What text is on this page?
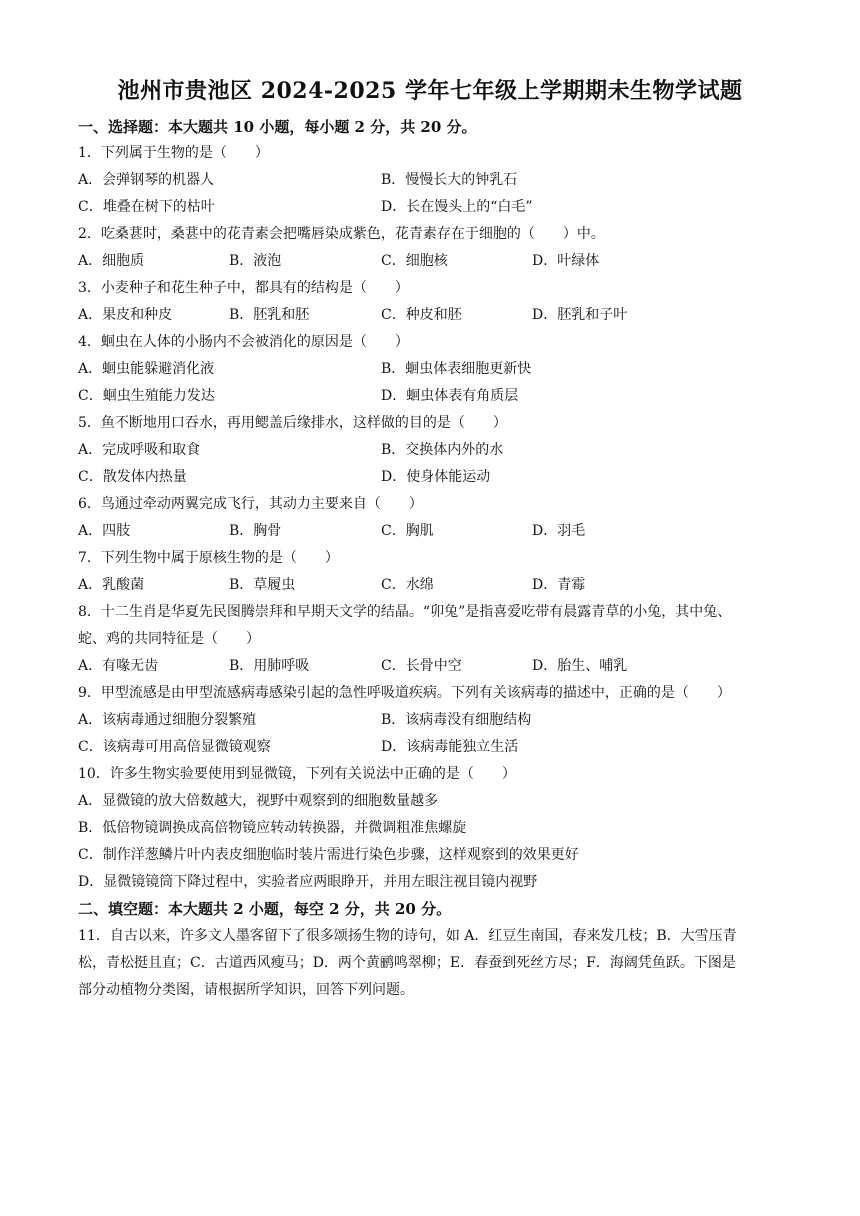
池州市贵池区 2024-2025 学年七年级上学期期未生物学试题
一、选择题：本大题共 10 小题，每小题 2 分，共 20 分。
1．下列属于生物的是（　　）
A．会弹钢琴的机器人	B．慢慢长大的钟乳石
C．堆叠在树下的枯叶	D．长在馒头上的“白毛”
2．吃桑葚时，桑葚中的花青素会把嘴唇染成紫色，花青素存在于细胞的（　　）中。
A．细胞质	B．液泡	C．细胞核	D．叶绿体
3．小麦种子和花生种子中，都具有的结构是（　　）
A．果皮和种皮	B．胚乳和胚	C．种皮和胚	D．胚乳和子叶
4．蛔虫在人体的小肠内不会被消化的原因是（　　）
A．蛔虫能躲避消化液	B．蛔虫体表细胞更新快
C．蛔虫生殖能力发达	D．蛔虫体表有角质层
5．鱼不断地用口吞水，再用鳃盖后缘排水，这样做的目的是（　　）
A．完成呼吸和取食	B．交换体内外的水
C．散发体内热量	D．使身体能运动
6．鸟通过牵动两翼完成飞行，其动力主要来自（　　）
A．四肢	B．胸骨	C．胸肌	D．羽毛
7．下列生物中属于原核生物的是（　　）
A．乳酸菌	B．草履虫	C．水绵	D．青霉
8．十二生肖是华夏先民图腾崇拜和早期天文学的结晶。“卯兔”是指喜爱吃带有晨露青草的小兔，其中兔、
蛇、鸡的共同特征是（　　）
A．有喙无齿	B．用肺呼吸	C．长骨中空	D．胎生、哺乳
9．甲型流感是由甲型流感病毒感染引起的急性呼吸道疾病。下列有关该病毒的描述中，正确的是（　　）
A．该病毒通过细胞分裂繁殖	B．该病毒没有细胞结构
C．该病毒可用高倍显微镜观察	D．该病毒能独立生活
10．许多生物实验要使用到显微镜，下列有关说法中正确的是（　　）
A．显微镜的放大倍数越大，视野中观察到的细胞数量越多
B．低倍物镜调换成高倍物镜应转动转换器，并微调粗准焦螺旋
C．制作洋葱鳞片叶内表皮细胞临时装片需进行染色步骤，这样观察到的效果更好
D．显微镜镜筒下降过程中，实验者应两眼睁开，并用左眼注视目镜内视野
二、填空题：本大题共 2 小题，每空 2 分，共 20 分。
11．自古以来，许多文人墨客留下了很多颂扬生物的诗句，如 A．红豆生南国，春来发几枝；B．大雪压青
松，青松挺且直；C．古道西风瘦马；D．两个黄鹂鸣翠柳；E．春蚕到死丝方尽；F．海阔凭鱼跃。下图是
部分动植物分类图，请根据所学知识，回答下列问题。
